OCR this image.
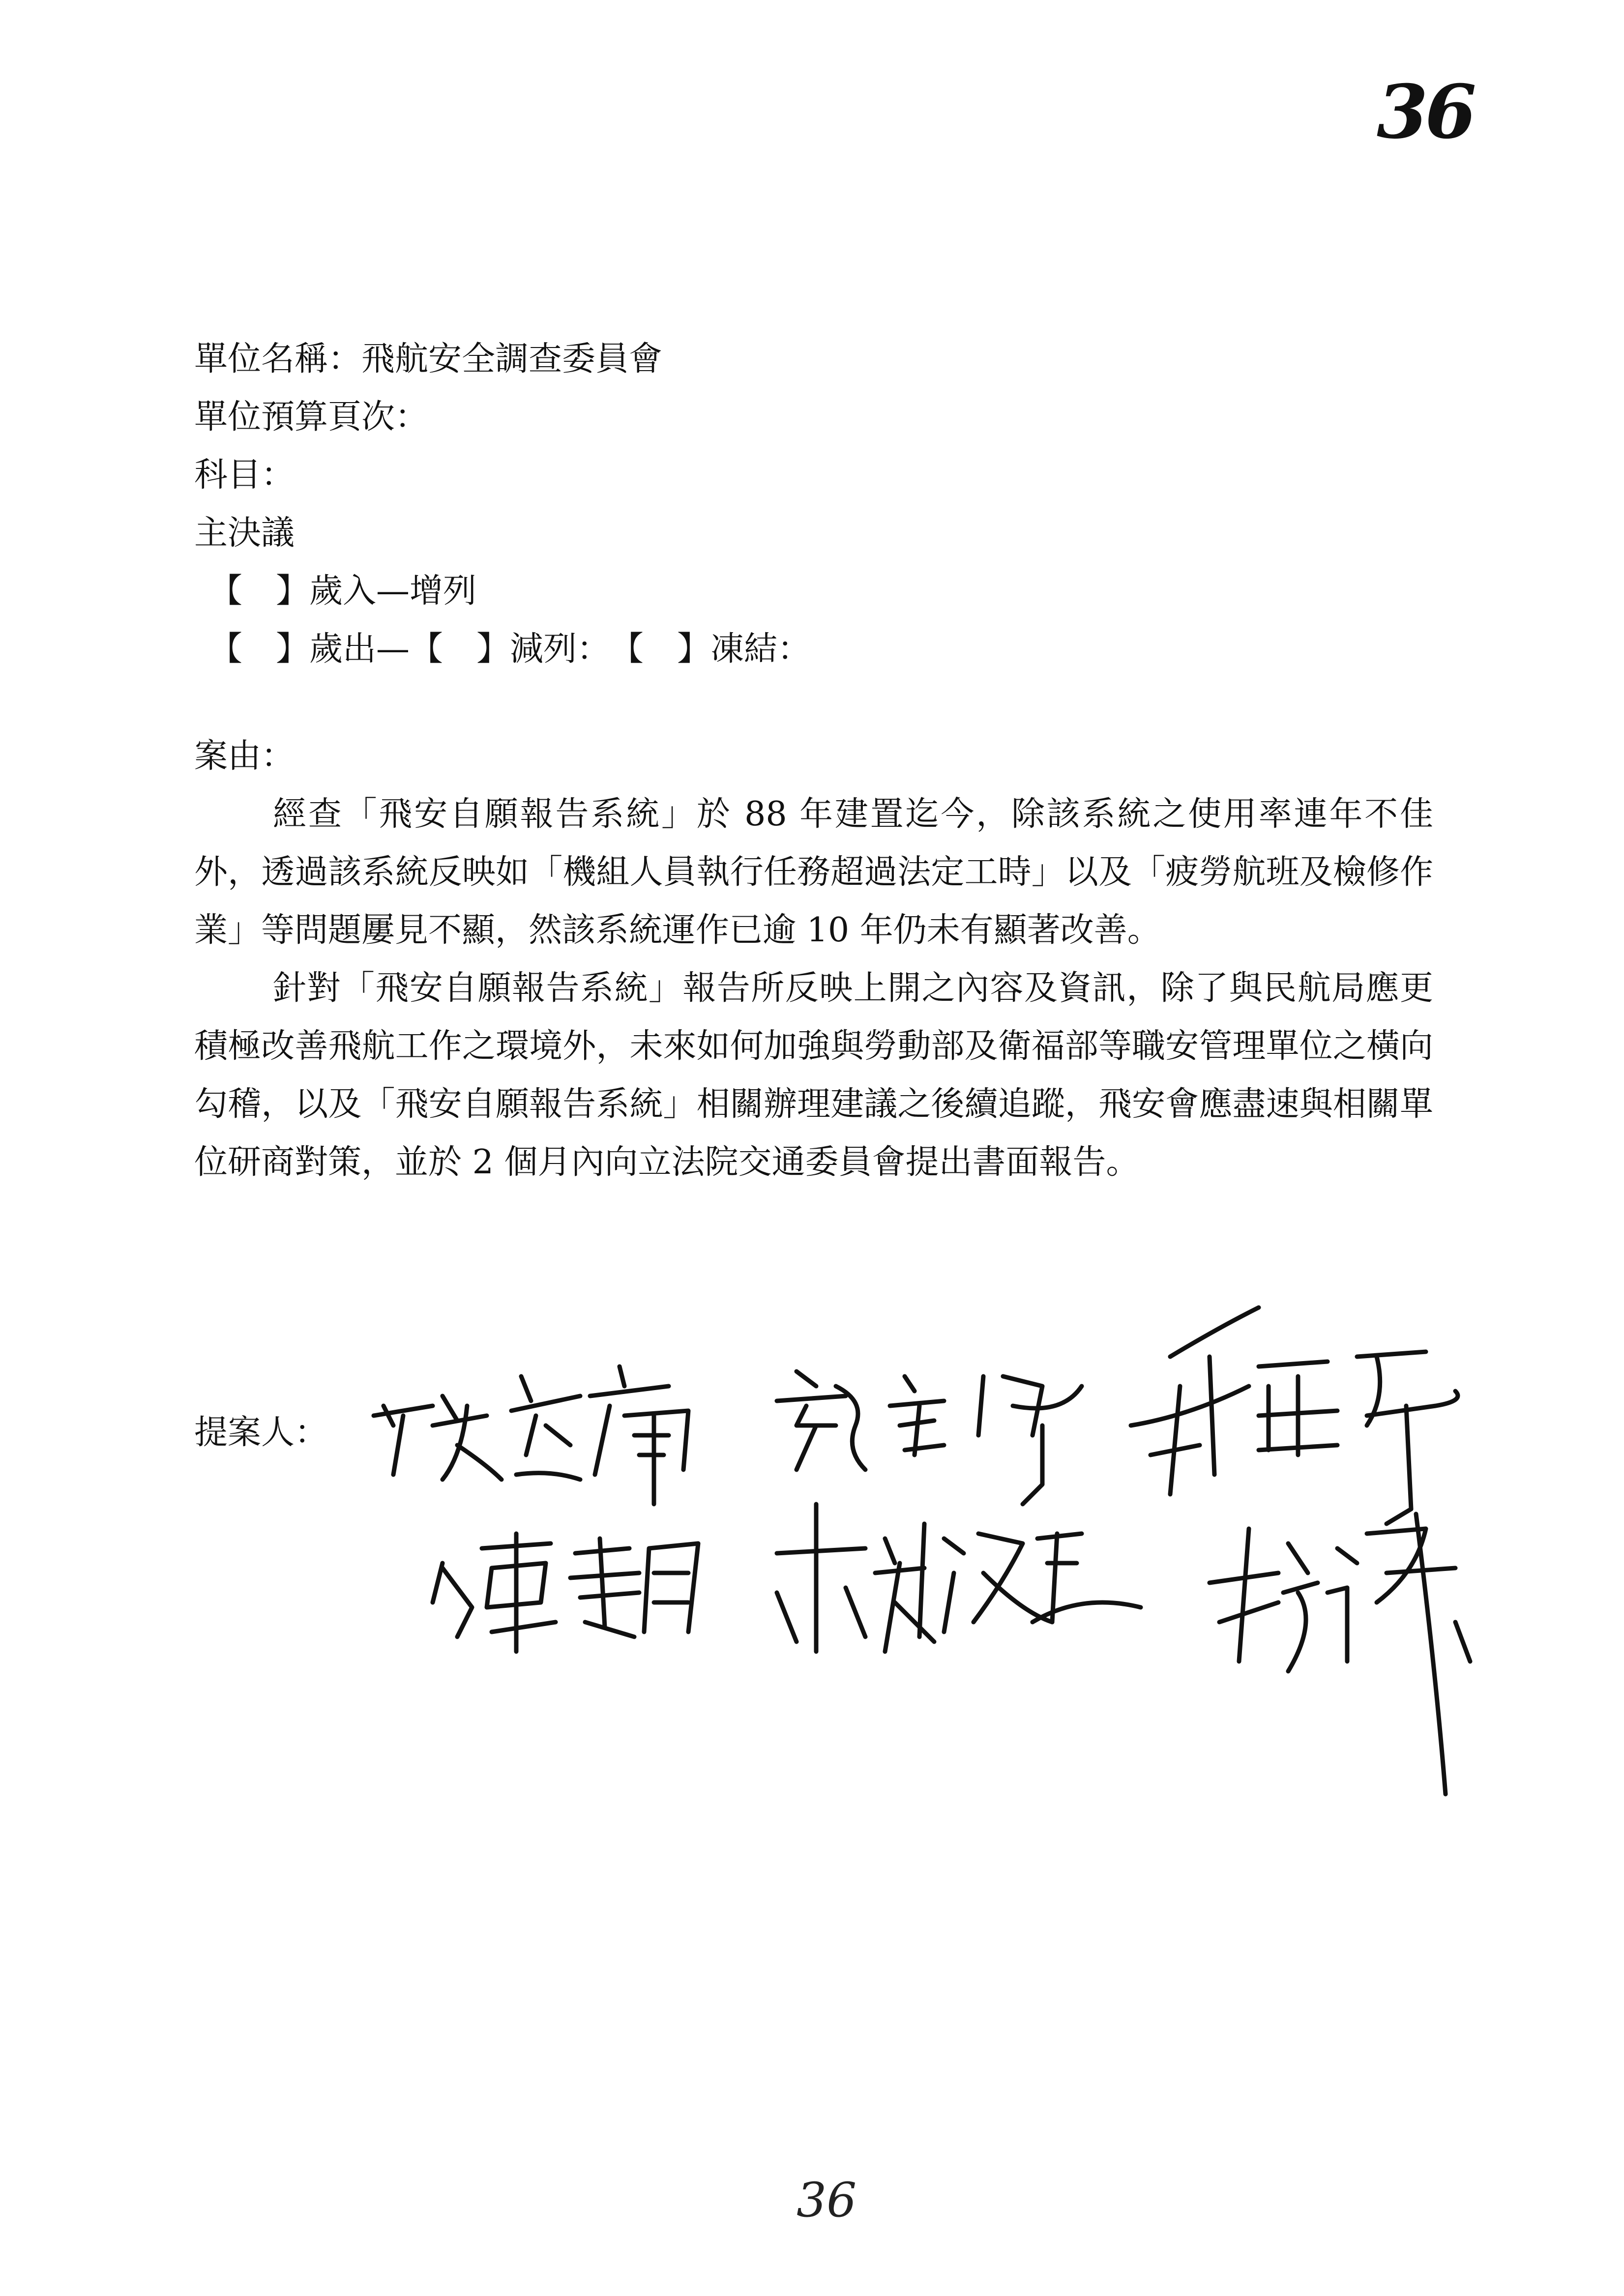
36
單位名稱：飛航安全調查委員會
單位預算頁次：
科目：
主決議
【　】歲入—增列
【　】歲出—【　】減列：　【　】凍結：
案由：

經查「飛安自願報告系統」於 88 年建置迄今，除該系統之使用率連年不佳外，透過該系統反映如「機組人員執行任務超過法定工時」以及「疲勞航班及檢修作業」等問題屢見不顯，然該系統運作已逾 10 年仍未有顯著改善。

針對「飛安自願報告系統」報告所反映上開之內容及資訊，除了與民航局應更積極改善飛航工作之環境外，未來如何加強與勞動部及衛福部等職安管理單位之橫向勾稽，以及「飛安自願報告系統」相關辦理建議之後續追蹤，飛安會應盡速與相關單位研商對策，並於 2 個月內向立法院交通委員會提出書面報告。

提案人：
36
